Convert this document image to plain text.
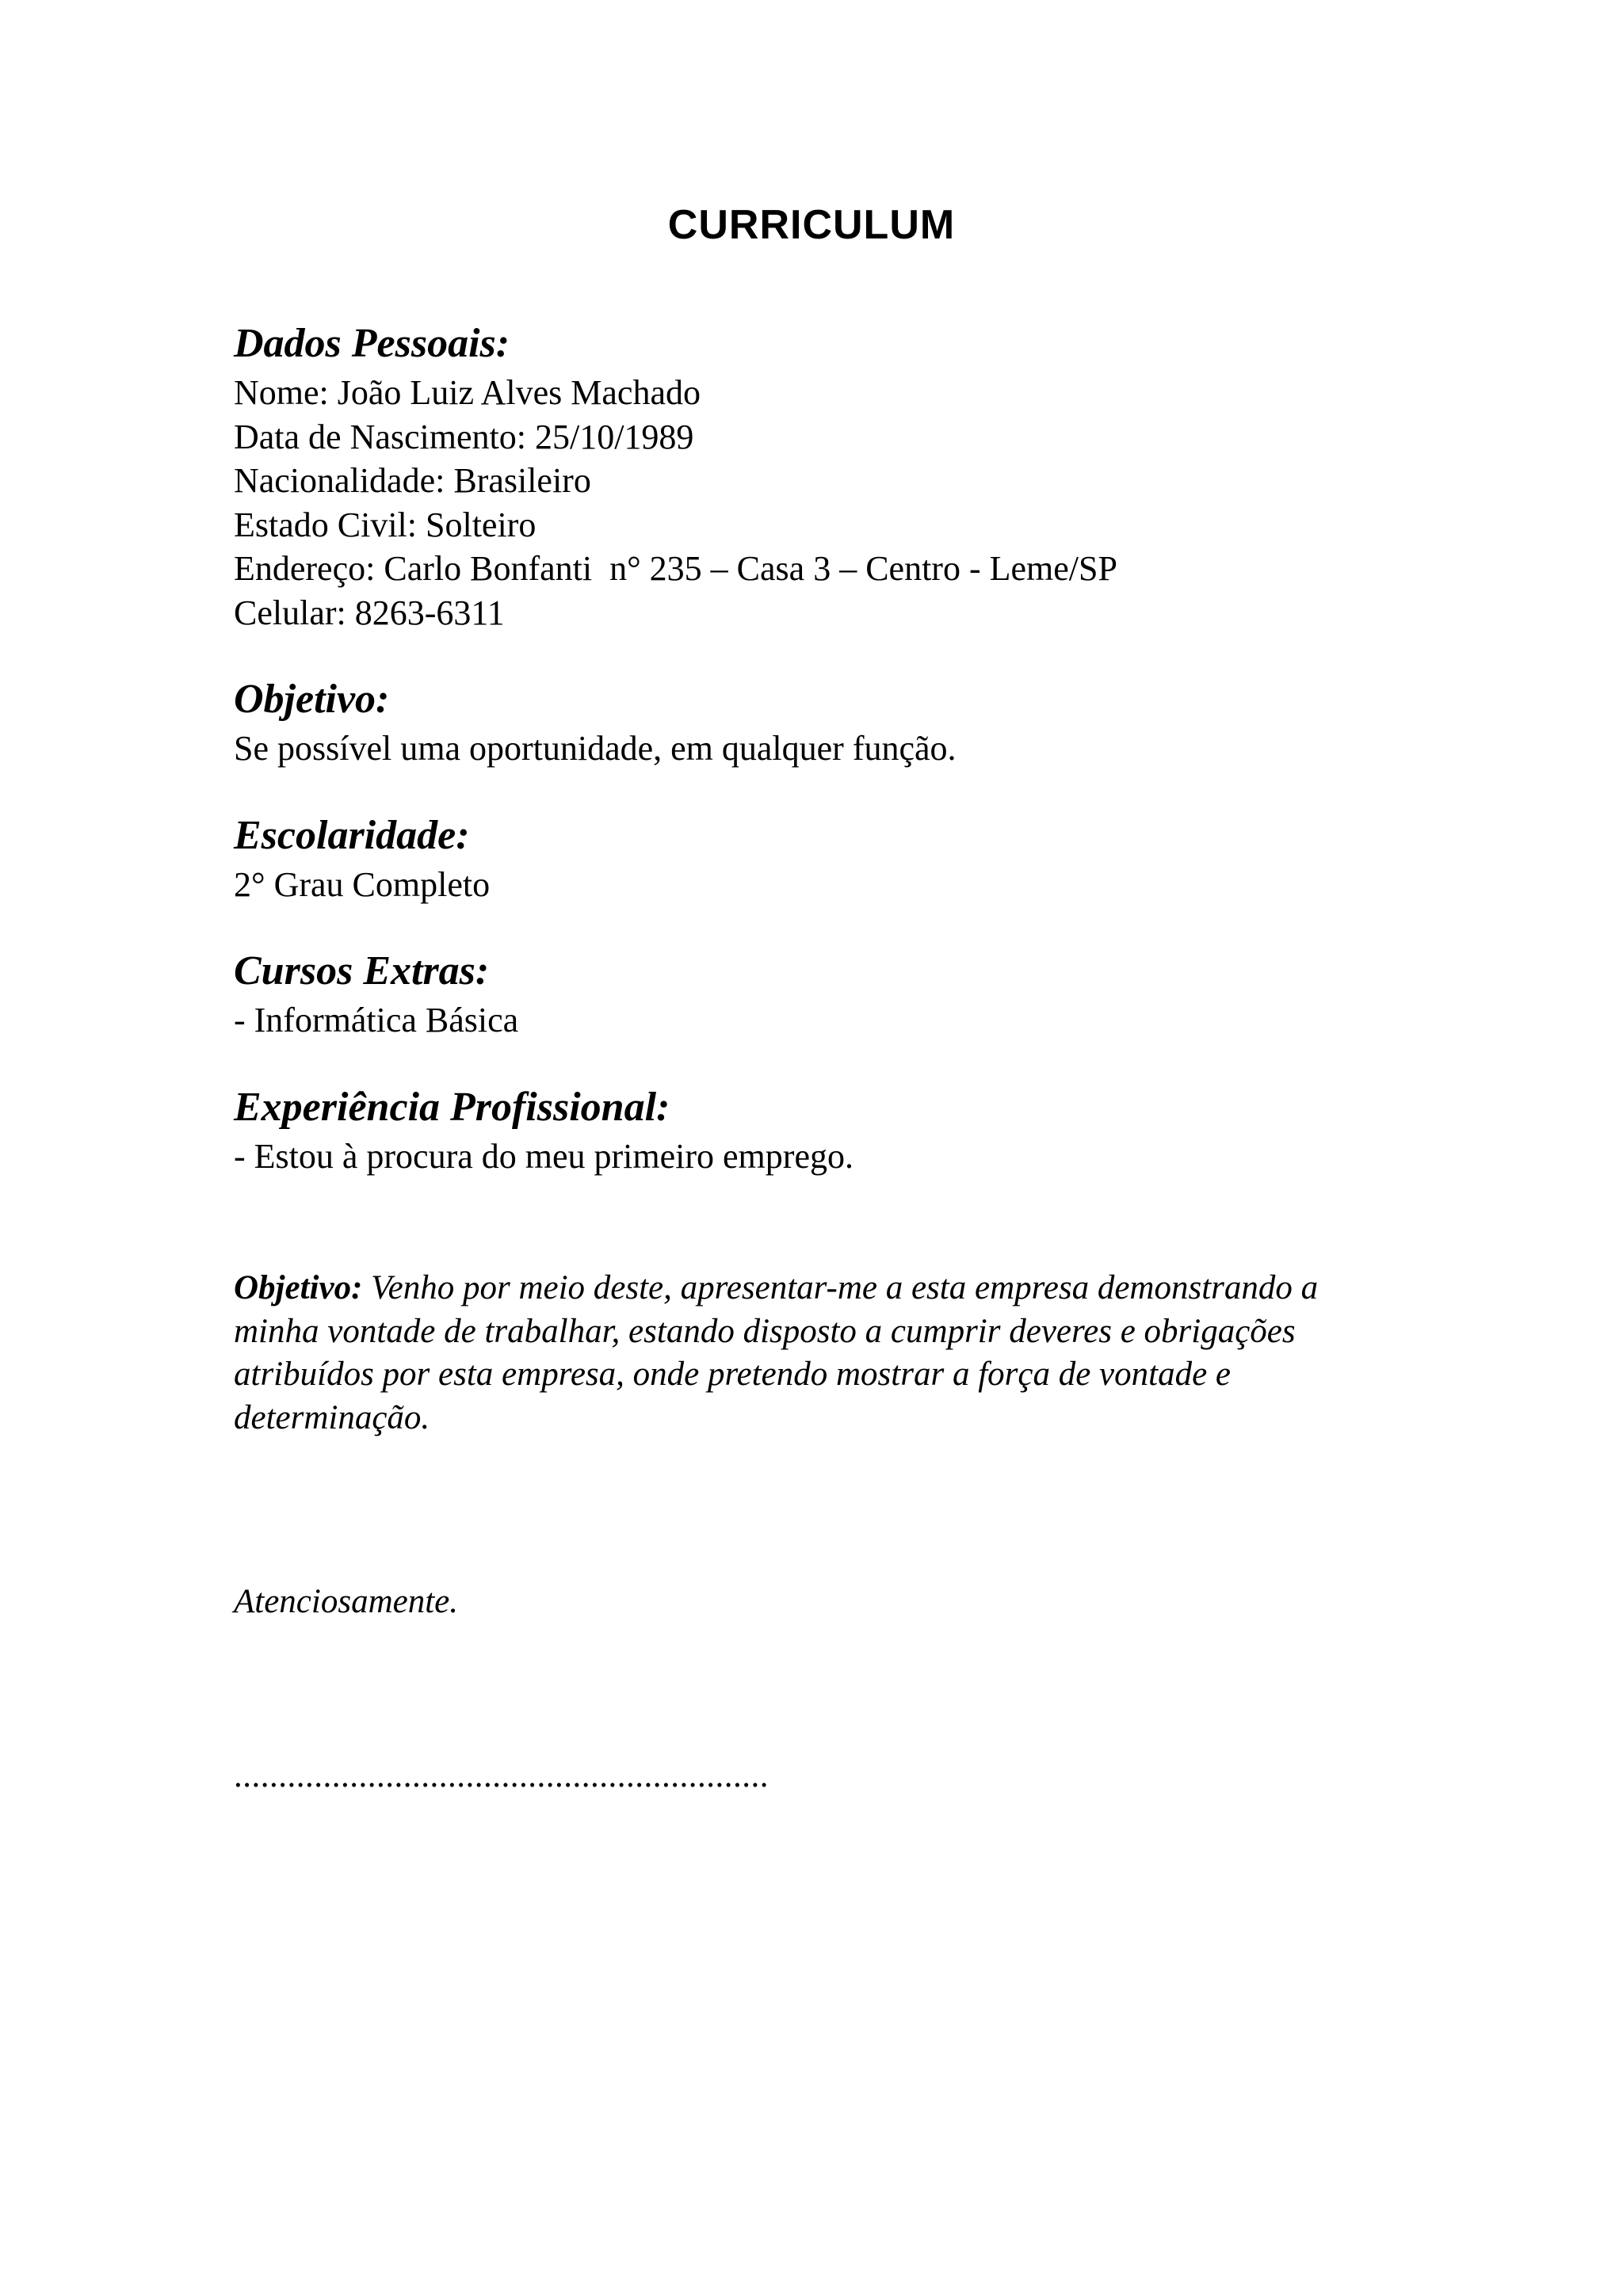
CURRICULUM
Dados Pessoais:

Nome: João Luiz Alves Machado

Data de Nascimento: 25/10/1989

Nacionalidade: Brasileiro

Estado Civil: Solteiro

Endereço: Carlo Bonfanti  n° 235 – Casa 3 – Centro - Leme/SP

Celular: 8263-6311

Objetivo:

Se possível uma oportunidade, em qualquer função.

Escolaridade:

2° Grau Completo

Cursos Extras:

- Informática Básica

Experiência Profissional:

- Estou à procura do meu primeiro emprego.

Objetivo: Venho por meio deste, apresentar-me a esta empresa demonstrando a minha vontade de trabalhar, estando disposto a cumprir deveres e obrigações atribuídos por esta empresa, onde pretendo mostrar a força de vontade e determinação.

Atenciosamente.
............................................................
